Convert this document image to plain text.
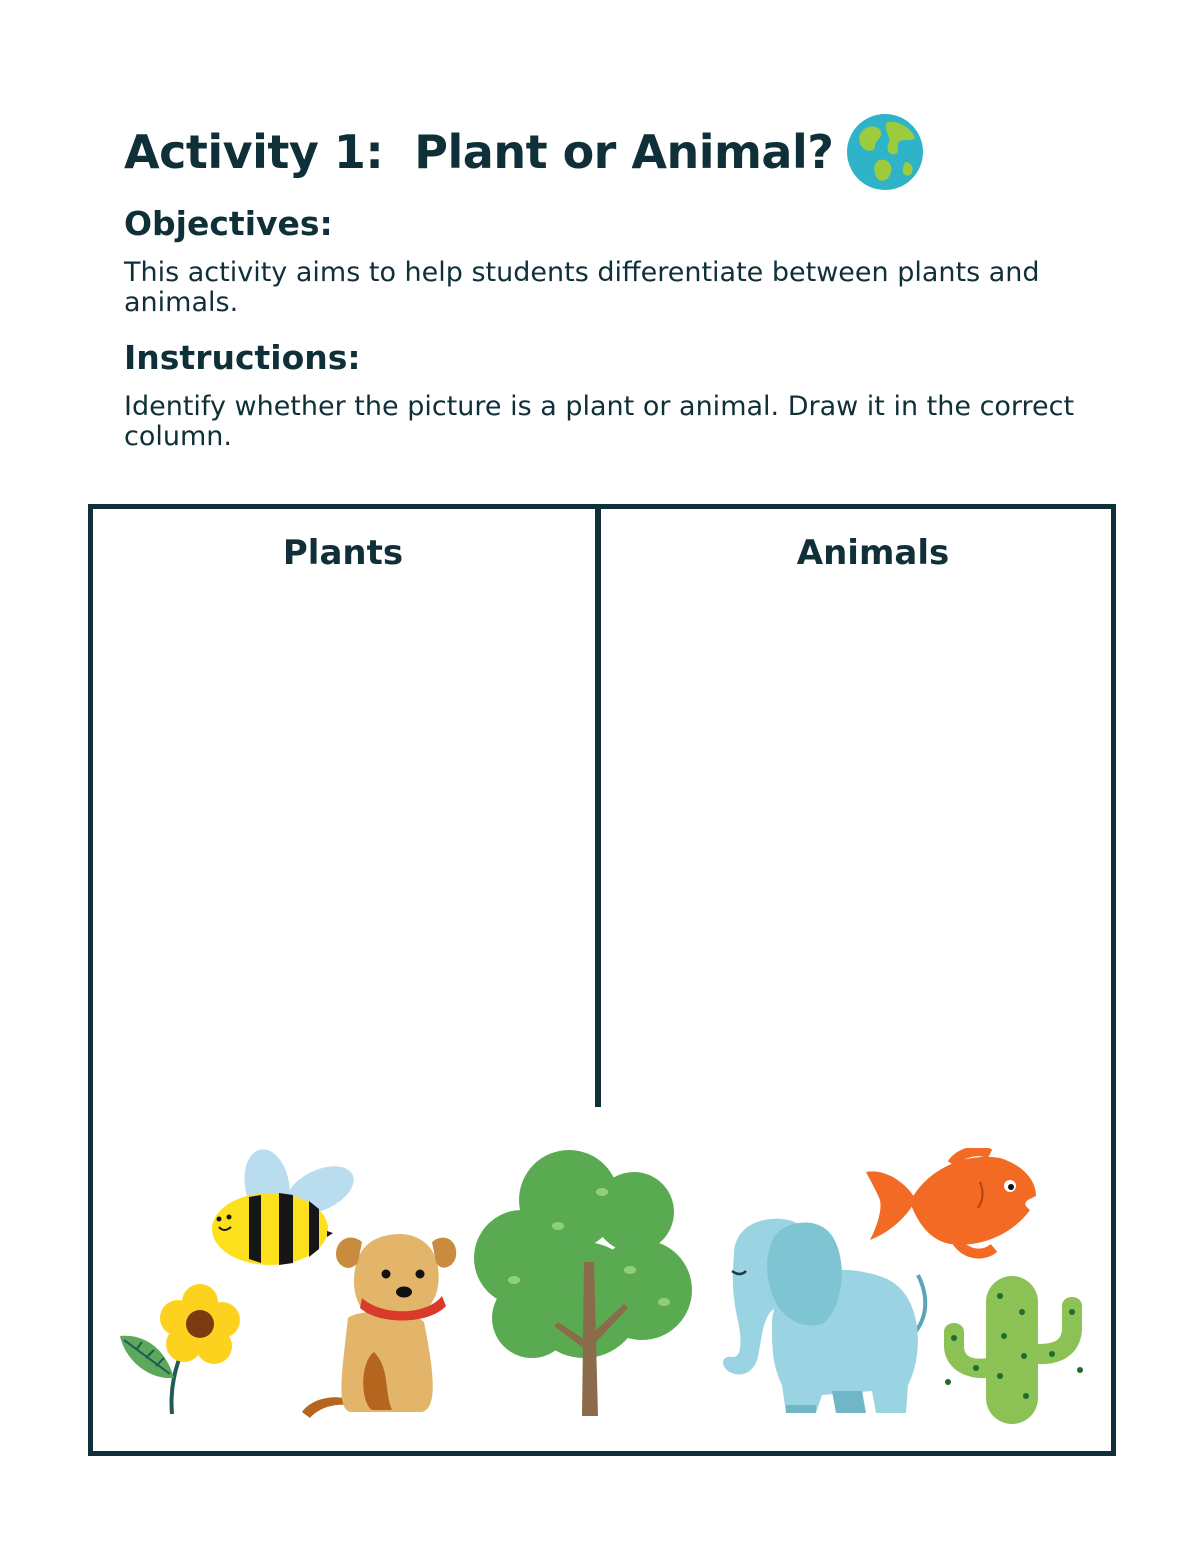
Activity 1:  Plant or Animal?
Objectives:

This activity aims to help students differentiate between plants and animals.

Instructions:

Identify whether the picture is a plant or animal. Draw it in the correct column.

Plants	Animals
